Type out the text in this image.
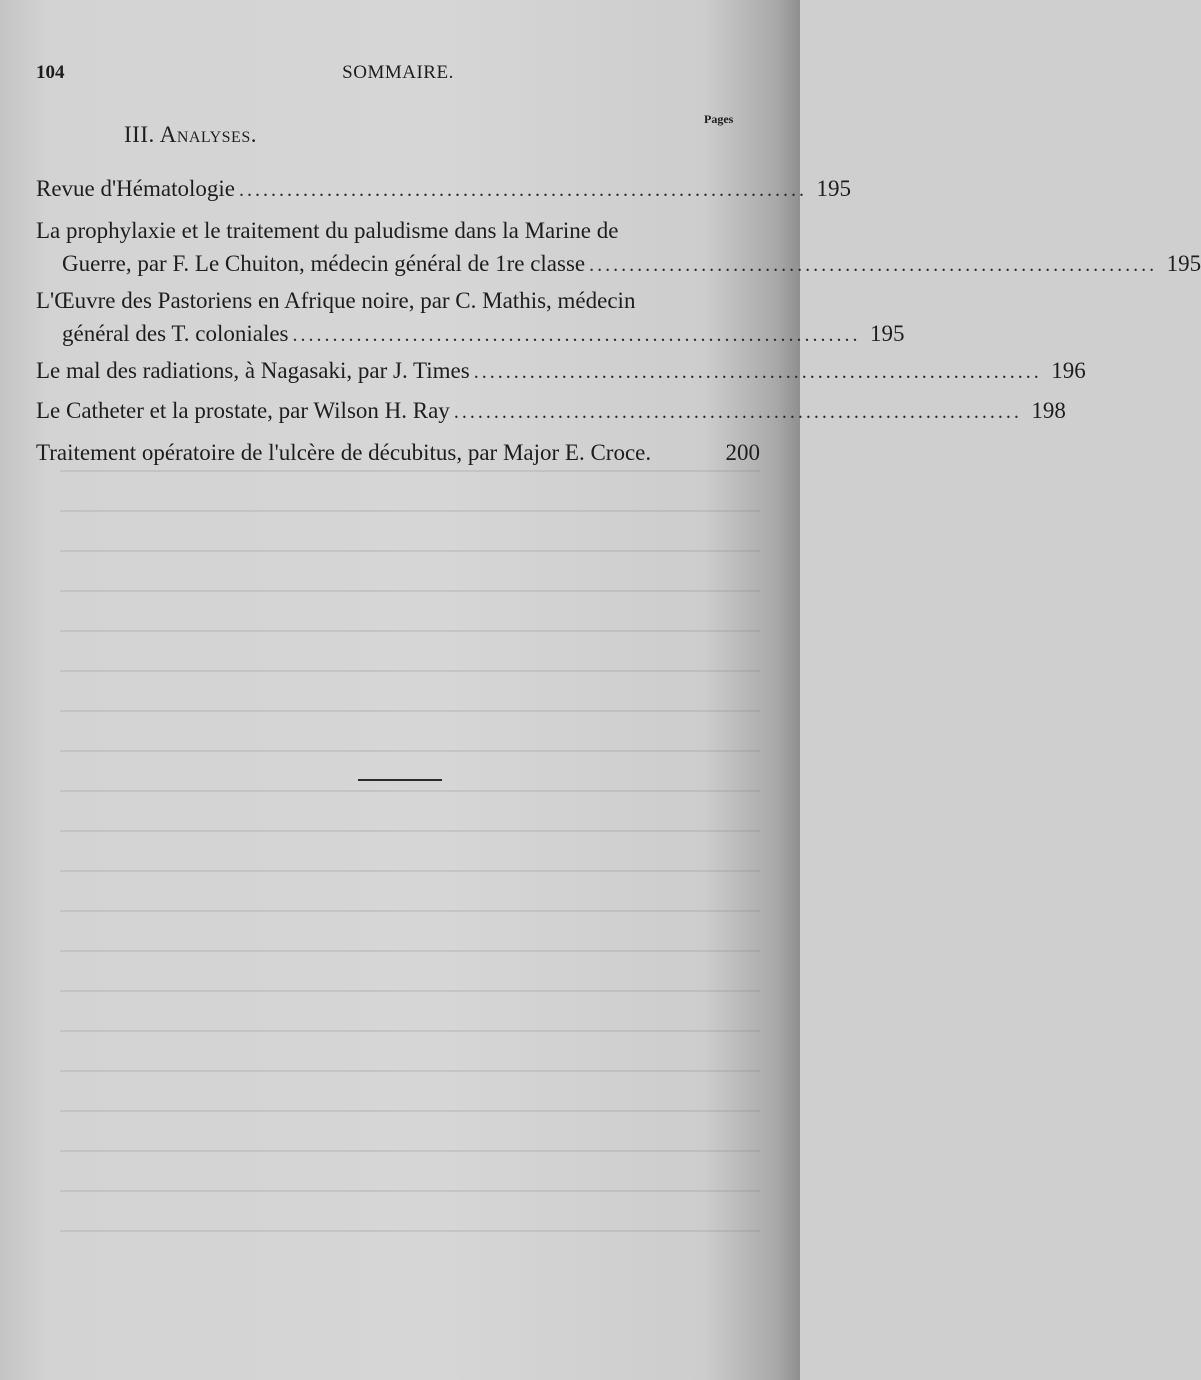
104	SOMMAIRE.
III. Analyses.
Pages
Revue d'Hématologie ....................................................................... 195
La prophylaxie et le traitement du paludisme dans la Marine de
Guerre, par F. Le Chuiton, médecin général de 1re classe ....................................................................... 195
L'Œuvre des Pastoriens en Afrique noire, par C. Mathis, médecin
général des T. coloniales ....................................................................... 195
Le mal des radiations, à Nagasaki, par J. Times ....................................................................... 196
Le Catheter et la prostate, par Wilson H. Ray ....................................................................... 198
Traitement opératoire de l'ulcère de décubitus, par Major E. Croce.	200
